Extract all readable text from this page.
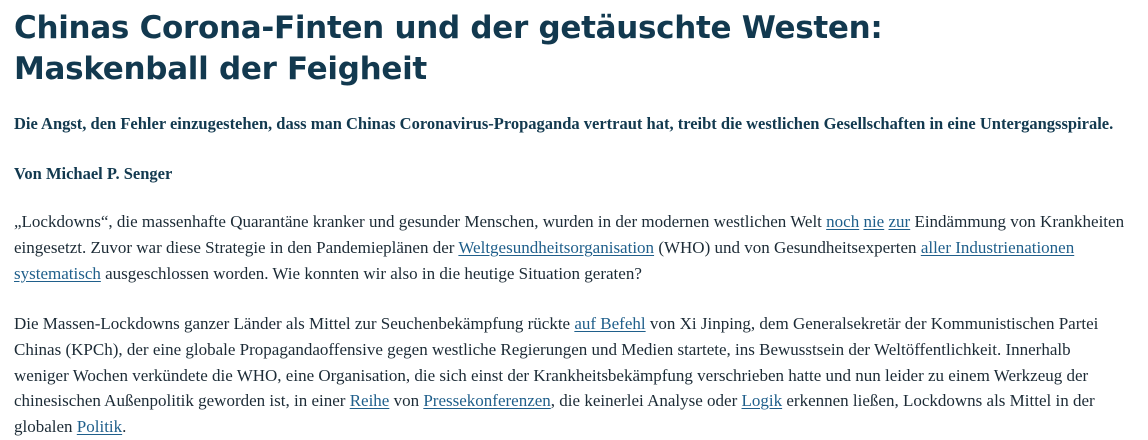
Chinas Corona-Finten und der getäuschte Westen: Maskenball der Feigheit
Die Angst, den Fehler einzugestehen, dass man Chinas Coronavirus-Propaganda vertraut hat, treibt die westlichen Gesellschaften in eine Untergangsspirale.
Von Michael P. Senger

„Lockdowns“, die massenhafte Quarantäne kranker und gesunder Menschen, wurden in der modernen westlichen Welt noch nie zur Eindämmung von Krankheiten eingesetzt. Zuvor war diese Strategie in den Pandemieplänen der Weltgesundheitsorganisation (WHO) und von Gesundheitsexperten aller Industrienationen systematisch ausgeschlossen worden. Wie konnten wir also in die heutige Situation geraten?

Die Massen-Lockdowns ganzer Länder als Mittel zur Seuchenbekämpfung rückte auf Befehl von Xi Jinping, dem Generalsekretär der Kommunistischen Partei Chinas (KPCh), der eine globale Propagandaoffensive gegen westliche Regierungen und Medien startete, ins Bewusstsein der Weltöffentlichkeit. Innerhalb weniger Wochen verkündete die WHO, eine Organisation, die sich einst der Krankheitsbekämpfung verschrieben hatte und nun leider zu einem Werkzeug der chinesischen Außenpolitik geworden ist, in einer Reihe von Pressekonferenzen, die keinerlei Analyse oder Logik erkennen ließen, Lockdowns als Mittel in der globalen Politik.
